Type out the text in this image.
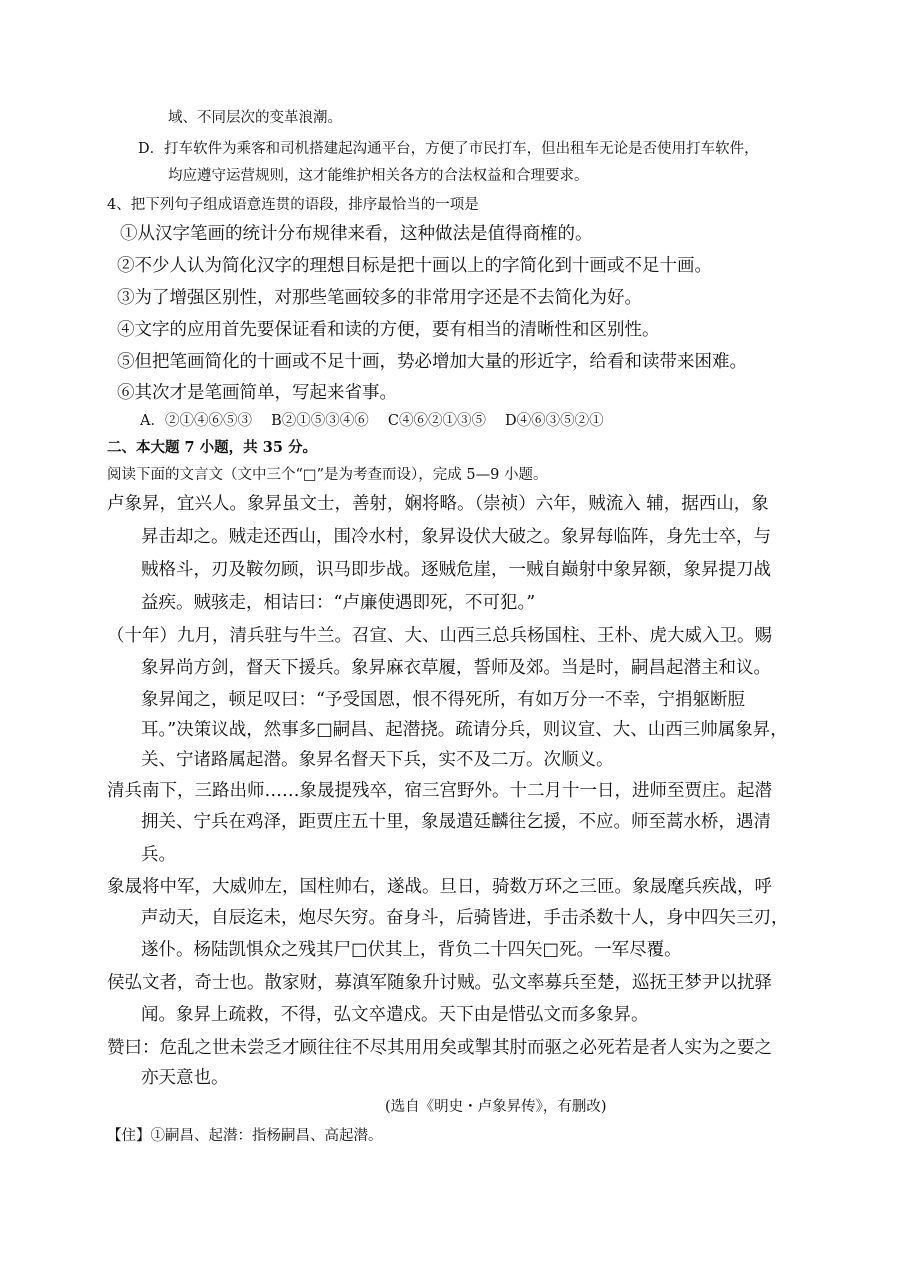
域、不同层次的变革浪潮。
D．打车软件为乘客和司机搭建起沟通平台，方便了市民打车，但出租车无论是否使用打车软件，
均应遵守运营规则，这才能维护相关各方的合法权益和合理要求。
4、把下列句子组成语意连贯的语段，排序最恰当的一项是
①从汉字笔画的统计分布规律来看，这种做法是值得商榷的。
②不少人认为简化汉字的理想目标是把十画以上的字简化到十画或不足十画。
③为了增强区别性，对那些笔画较多的非常用字还是不去简化为好。
④文字的应用首先要保证看和读的方便，要有相当的清晰性和区别性。
⑤但把笔画简化的十画或不足十画，势必增加大量的形近字，给看和读带来困难。
⑥其次才是笔画简单，写起来省事。
A．②①④⑥⑤③　 B②①⑤③④⑥　 C④⑥②①③⑤　 D④⑥③⑤②①
二、本大题 7 小题，共 35 分。
阅读下面的文言文（文中三个“□”是为考查而设），完成 5—9 小题。
卢象昇，宜兴人。象昇虽文士，善射，娴将略。（崇祯）六年，贼流入 辅，据西山，象
昇击却之。贼走还西山，围冷水村，象昇设伏大破之。象昇每临阵，身先士卒，与
贼格斗，刃及鞍勿顾，识马即步战。逐贼危崖，一贼自巅射中象昇额，象昇提刀战
益疾。贼骇走，相诘曰：“卢廉使遇即死，不可犯。”
（十年）九月，清兵驻与牛兰。召宣、大、山西三总兵杨国柱、王朴、虎大威入卫。赐
象昇尚方剑，督天下援兵。象昇麻衣草履，誓师及郊。当是时，嗣昌起潜主和议。
象昇闻之，顿足叹曰：“予受国恩，恨不得死所，有如万分一不幸，宁捐躯断脰
耳。”决策议战，然事多□嗣昌、起潜挠。疏请分兵，则议宣、大、山西三帅属象昇，
关、宁诸路属起潜。象昇名督天下兵，实不及二万。次顺义。
清兵南下，三路出师……象晟提残卒，宿三宫野外。十二月十一日，进师至贾庄。起潜
拥关、宁兵在鸡泽，距贾庄五十里，象晟遣廷麟往乞援，不应。师至蒿水桥，遇清
兵。
象晟将中军，大威帅左，国柱帅右，遂战。旦日，骑数万环之三匝。象晟麾兵疾战，呼
声动天，自辰迄未，炮尽矢穷。奋身斗，后骑皆进，手击杀数十人，身中四矢三刃，
遂仆。杨陆凯惧众之残其尸□伏其上，背负二十四矢□死。一军尽覆。
侯弘文者，奇士也。散家财，募滇军随象升讨贼。弘文率募兵至楚，巡抚王梦尹以扰驿
闻。象昇上疏救，不得，弘文卒遣戍。天下由是惜弘文而多象昇。
赞曰：危乱之世未尝乏才顾往往不尽其用用矣或掣其肘而驱之必死若是者人实为之要之
亦天意也。
(选自《明史・卢象昇传》，有删改)
【住】①嗣昌、起潜：指杨嗣昌、高起潜。
